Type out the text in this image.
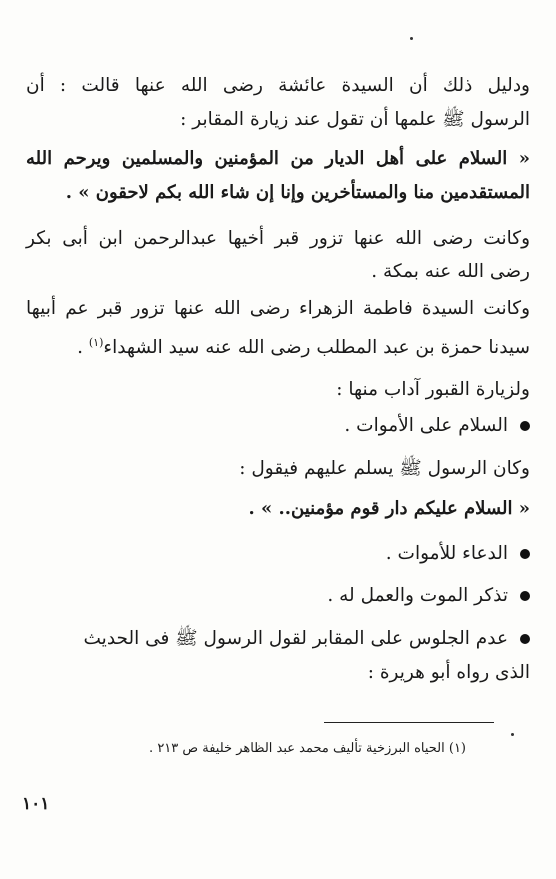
ودليل ذلك أن السيدة عائشة رضى الله عنها قالت : أن
الرسول ﷺ علمها أن تقول عند زيارة المقابر :
« السلام على أهل الديار من المؤمنين والمسلمين ويرحم الله
المستقدمين منا والمستأخرين وإنا إن شاء الله بكم لاحقون » .
وكانت رضى الله عنها تزور قبر أخيها عبدالرحمن ابن أبى بكر
رضى الله عنه بمكة .
وكانت السيدة فاطمة الزهراء رضى الله عنها تزور قبر عم أبيها
سيدنا حمزة بن عبد المطلب رضى الله عنه سيد الشهداء$^{(١)}$ .
ولزيارة القبور آداب منها :
السلام على الأموات .
وكان الرسول ﷺ يسلم عليهم فيقول :
« السلام عليكم دار قوم مؤمنين.. » .
الدعاء للأموات .
تذكر الموت والعمل له .
عدم الجلوس على المقابر لقول الرسول ﷺ فى الحديث
الذى رواه أبو هريرة :
(١) الحياه البرزخية تأليف محمد عبد الظاهر خليفة ص ٢١٣ .
١٠١
